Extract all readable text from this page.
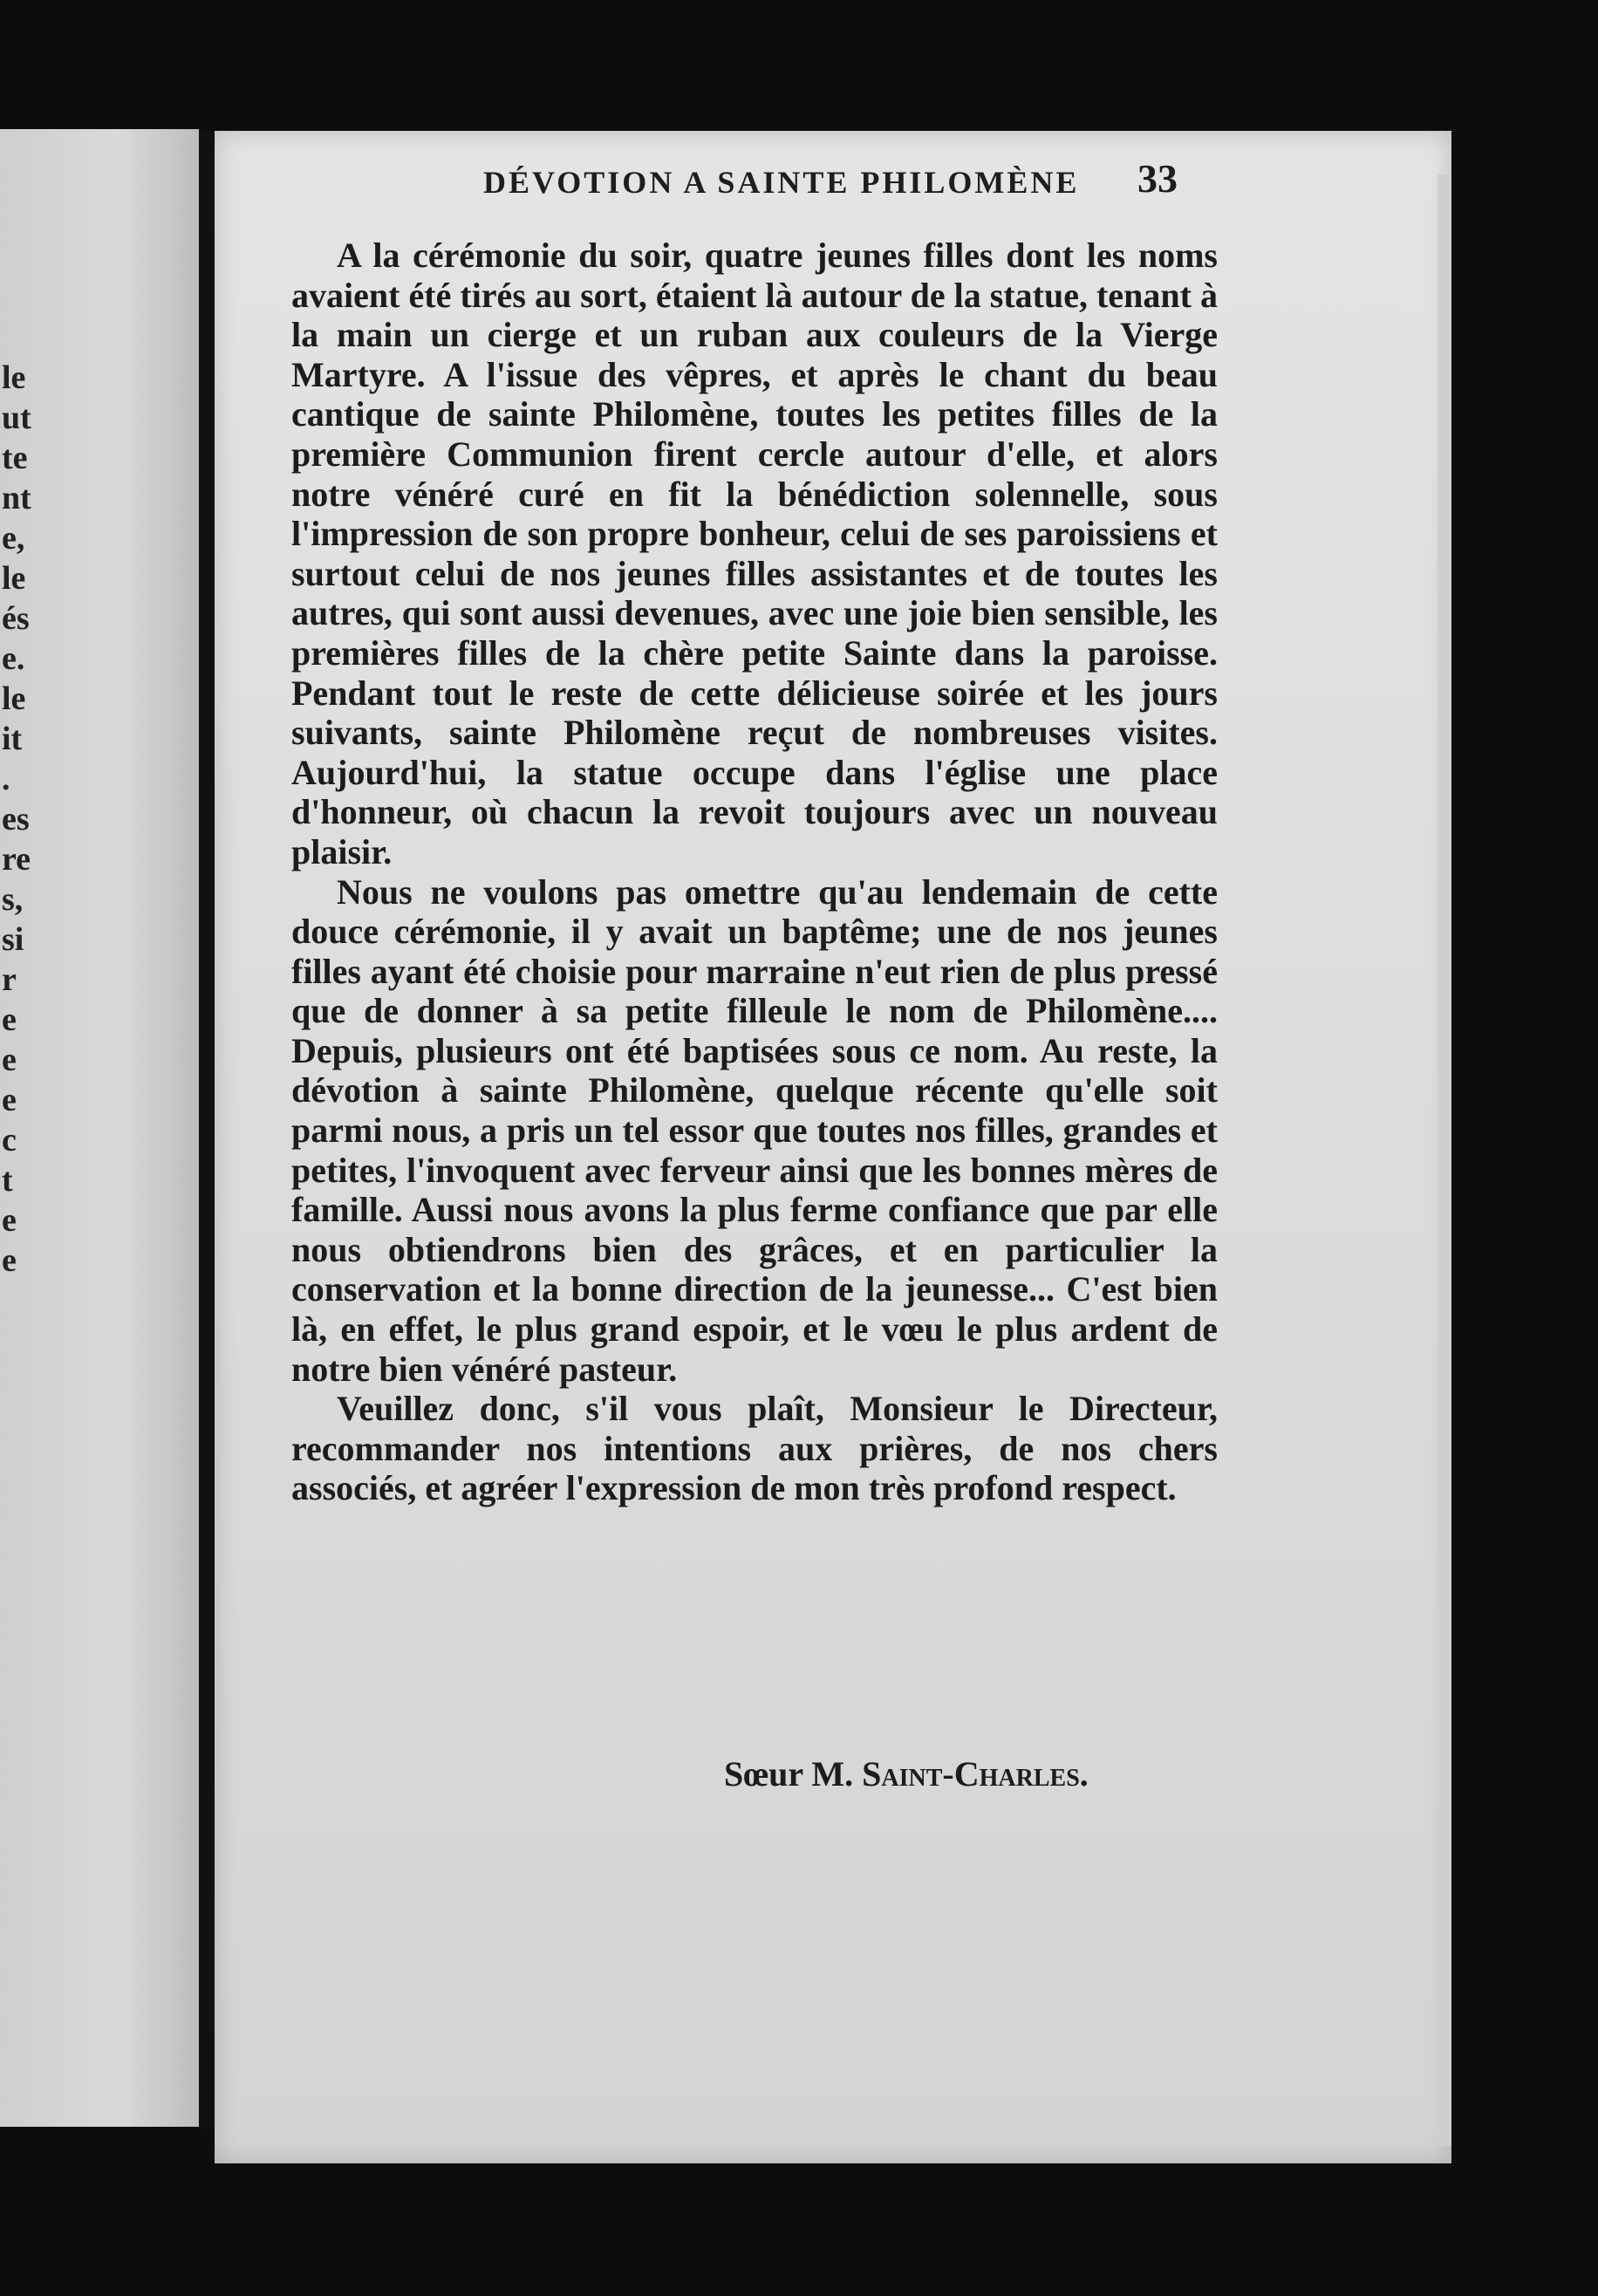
le
ut
te
nt
e,
le
és
e.
le
it
.
es
re
s,
si
r
e
e
e
c
t
e
e
DÉVOTION A SAINTE PHILOMÈNE 33

A la cérémonie du soir, quatre jeunes filles dont les noms avaient été tirés au sort, étaient là autour de la statue, tenant à la main un cierge et un ruban aux couleurs de la Vierge Martyre. A l'issue des vêpres, et après le chant du beau cantique de sainte Philomène, toutes les petites filles de la première Communion firent cercle autour d'elle, et alors notre vénéré curé en fit la bénédiction solennelle, sous l'impression de son propre bonheur, celui de ses paroissiens et surtout celui de nos jeunes filles assistantes et de toutes les autres, qui sont aussi devenues, avec une joie bien sensible, les premières filles de la chère petite Sainte dans la paroisse. Pendant tout le reste de cette délicieuse soirée et les jours suivants, sainte Philomène reçut de nombreuses visites. Aujourd'hui, la statue occupe dans l'église une place d'honneur, où chacun la revoit toujours avec un nouveau plaisir.

Nous ne voulons pas omettre qu'au lendemain de cette douce cérémonie, il y avait un baptême; une de nos jeunes filles ayant été choisie pour marraine n'eut rien de plus pressé que de donner à sa petite filleule le nom de Philomène.... Depuis, plusieurs ont été baptisées sous ce nom. Au reste, la dévotion à sainte Philomène, quelque récente qu'elle soit parmi nous, a pris un tel essor que toutes nos filles, grandes et petites, l'invoquent avec ferveur ainsi que les bonnes mères de famille. Aussi nous avons la plus ferme confiance que par elle nous obtiendrons bien des grâces, et en particulier la conservation et la bonne direction de la jeunesse... C'est bien là, en effet, le plus grand espoir, et le vœu le plus ardent de notre bien vénéré pasteur.

Veuillez donc, s'il vous plaît, Monsieur le Directeur, recommander nos intentions aux prières, de nos chers associés, et agréer l'expression de mon très profond respect.

Sœur M. Saint-Charles.
